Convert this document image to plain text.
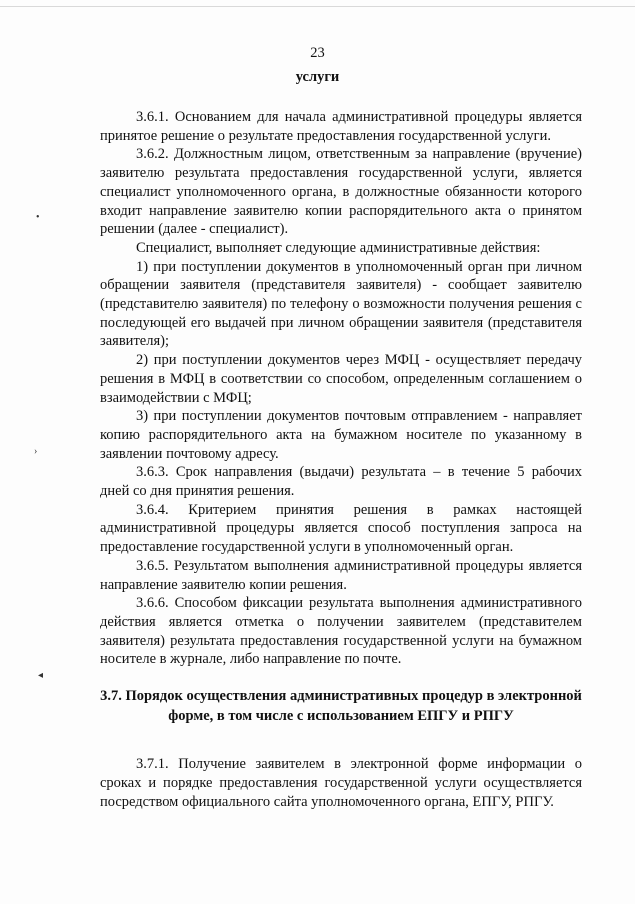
23
услуги
•
›
◂

3.6.1. Основанием для начала административной процедуры является принятое решение о результате предоставления государственной услуги.

3.6.2. Должностным лицом, ответственным за направление (вручение) заявителю результата предоставления государственной услуги, является специалист уполномоченного органа, в должностные обязанности которого входит направление заявителю копии распорядительного акта о принятом решении (далее - специалист).

Специалист, выполняет следующие административные действия:

1) при поступлении документов в уполномоченный орган при личном обращении заявителя (представителя заявителя) - сообщает заявителю (представителю заявителя) по телефону о возможности получения решения с последующей его выдачей при личном обращении заявителя (представителя заявителя);

2) при поступлении документов через МФЦ - осуществляет передачу решения в МФЦ в соответствии со способом, определенным соглашением о взаимодействии с МФЦ;

3) при поступлении документов почтовым отправлением - направляет копию распорядительного акта на бумажном носителе по указанному в заявлении почтовому адресу.

3.6.3. Срок направления (выдачи) результата – в течение 5 рабочих дней со дня принятия решения.

3.6.4. Критерием принятия решения в рамках настоящей административной процедуры является способ поступления запроса на предоставление государственной услуги в уполномоченный орган.

3.6.5. Результатом выполнения административной процедуры является направление заявителю копии решения.

3.6.6. Способом фиксации результата выполнения административного действия является отметка о получении заявителем (представителем заявителя) результата предоставления государственной услуги на бумажном носителе в журнале, либо направление по почте.

3.7. Порядок осуществления административных процедур в электронной
форме, в том числе с использованием ЕПГУ и РПГУ

3.7.1. Получение заявителем в электронной форме информации о сроках и порядке предоставления государственной услуги осуществляется посредством официального сайта уполномоченного органа, ЕПГУ, РПГУ.
